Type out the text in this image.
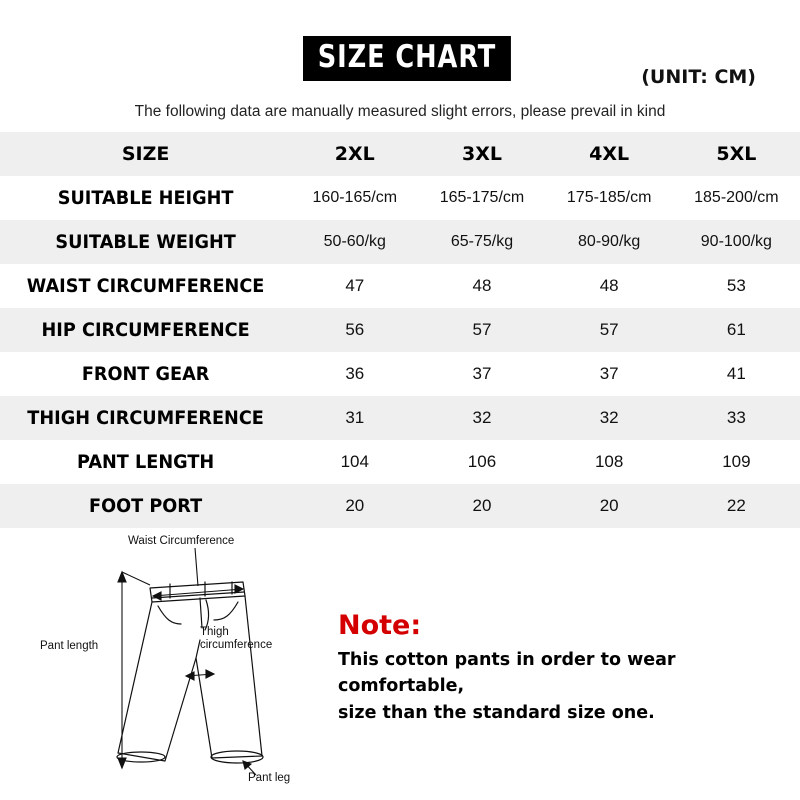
SIZE CHART
(UNIT: CM)
The following data are manually measured slight errors, please prevail in kind
SIZE	2XL	3XL	4XL	5XL
SUITABLE HEIGHT	160-165/cm	165-175/cm	175-185/cm	185-200/cm
SUITABLE WEIGHT	50-60/kg	65-75/kg	80-90/kg	90-100/kg
WAIST CIRCUMFERENCE	47	48	48	53
HIP CIRCUMFERENCE	56	57	57	61
FRONT GEAR	36	37	37	41
THIGH CIRCUMFERENCE	31	32	32	33
PANT LENGTH	104	106	108	109
FOOT PORT	20	20	20	22
Waist Circumference
Pant length
Thigh circumference
Pant leg
Note:
This cotton pants in order to wear comfortable,
size than the standard size one.
